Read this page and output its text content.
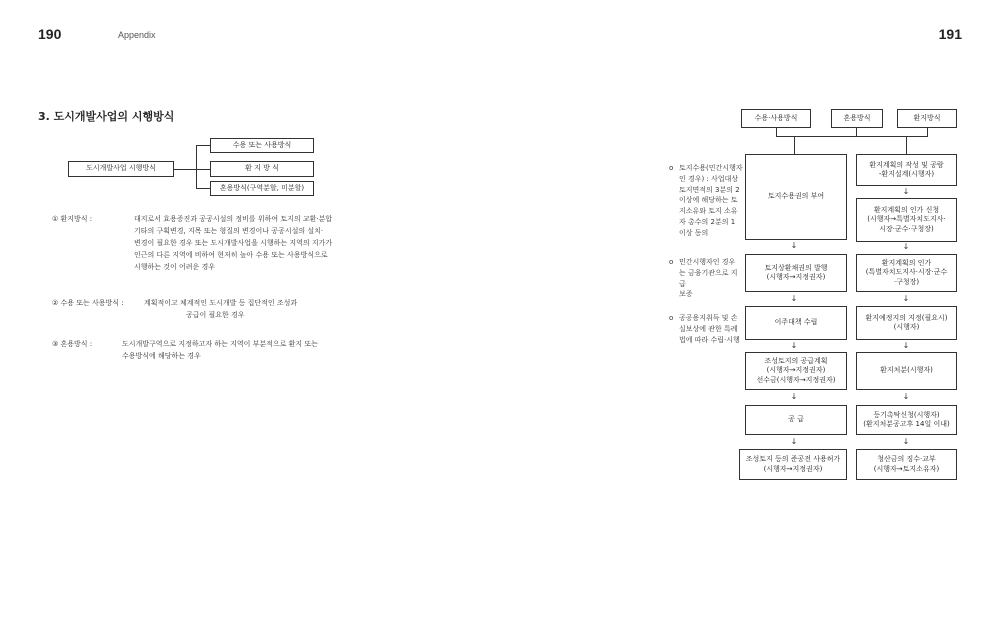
190	Appendix	191
3. 도시개발사업의 시행방식
도시개발사업 시행방식
수용 또는 사용방식
환 지 방 식
혼용방식(구역분할, 미분할)
① 환지방식 :	대지로서 효용증진과 공공시설의 정비를 위하여 토지의 교환·분합
기타의 구획변경, 지목 또는 형질의 변경이나 공공시설의 설치·
변경이 필요한 경우 또는 도시개발사업을 시행하는 지역의 지가가
인근의 다른 지역에 비하여 현저히 높아 수용 또는 사용방식으로
시행하는 것이 어려운 경우
② 수용 또는 사용방식 :	계획적이고 체계적인 도시개발 등 집단적인 조성과
공급이 필요한 경우
③ 혼용방식 :	도시개발구역으로 지정하고자 하는 지역이 부분적으로 환지 또는
수용방식에 해당하는 경우
수용·사용방식	혼용방식	환지방식
토지수용권의 부여
↓
토지상환채권의 발행
(시행자→지정권자)
↓
이주대책 수립
↓
조성토지의 공급계획
(시행자→지정권자)
선수금(시행자→지정권자)
↓
공 급
↓
조성토지 등의 준공전 사용허가
(시행자→지정권자)
환지계획의 작성 및 공람
-환지설계(시행자)
↓
환지계획의 인가 신청
(시행자→특별자치도지사·
시장·군수·구청장)
↓
환지계획의 인가
(특별자치도지사·시장·군수
·구청장)
↓
환지예정지의 지정(필요시)
(시행자)
↓
환지처분(시행자)
↓
등기촉탁신청(시행자)
(환지처분공고후 14일 이내)
↓
청산금의 징수·교부
(시행자→토지소유자)
o 토지수용(민간시행자
인 경우) : 사업대상
토지면적의 3분의 2
이상에 해당하는 토
지소유와 토지 소유
자 총수의 2분의 1
이상 동의
o 민간시행자인 경우
는 금융기관으로 지급
보증
o 공공용지취득 및 손
실보상에 관한 특례
법에 따라 수립·시행
